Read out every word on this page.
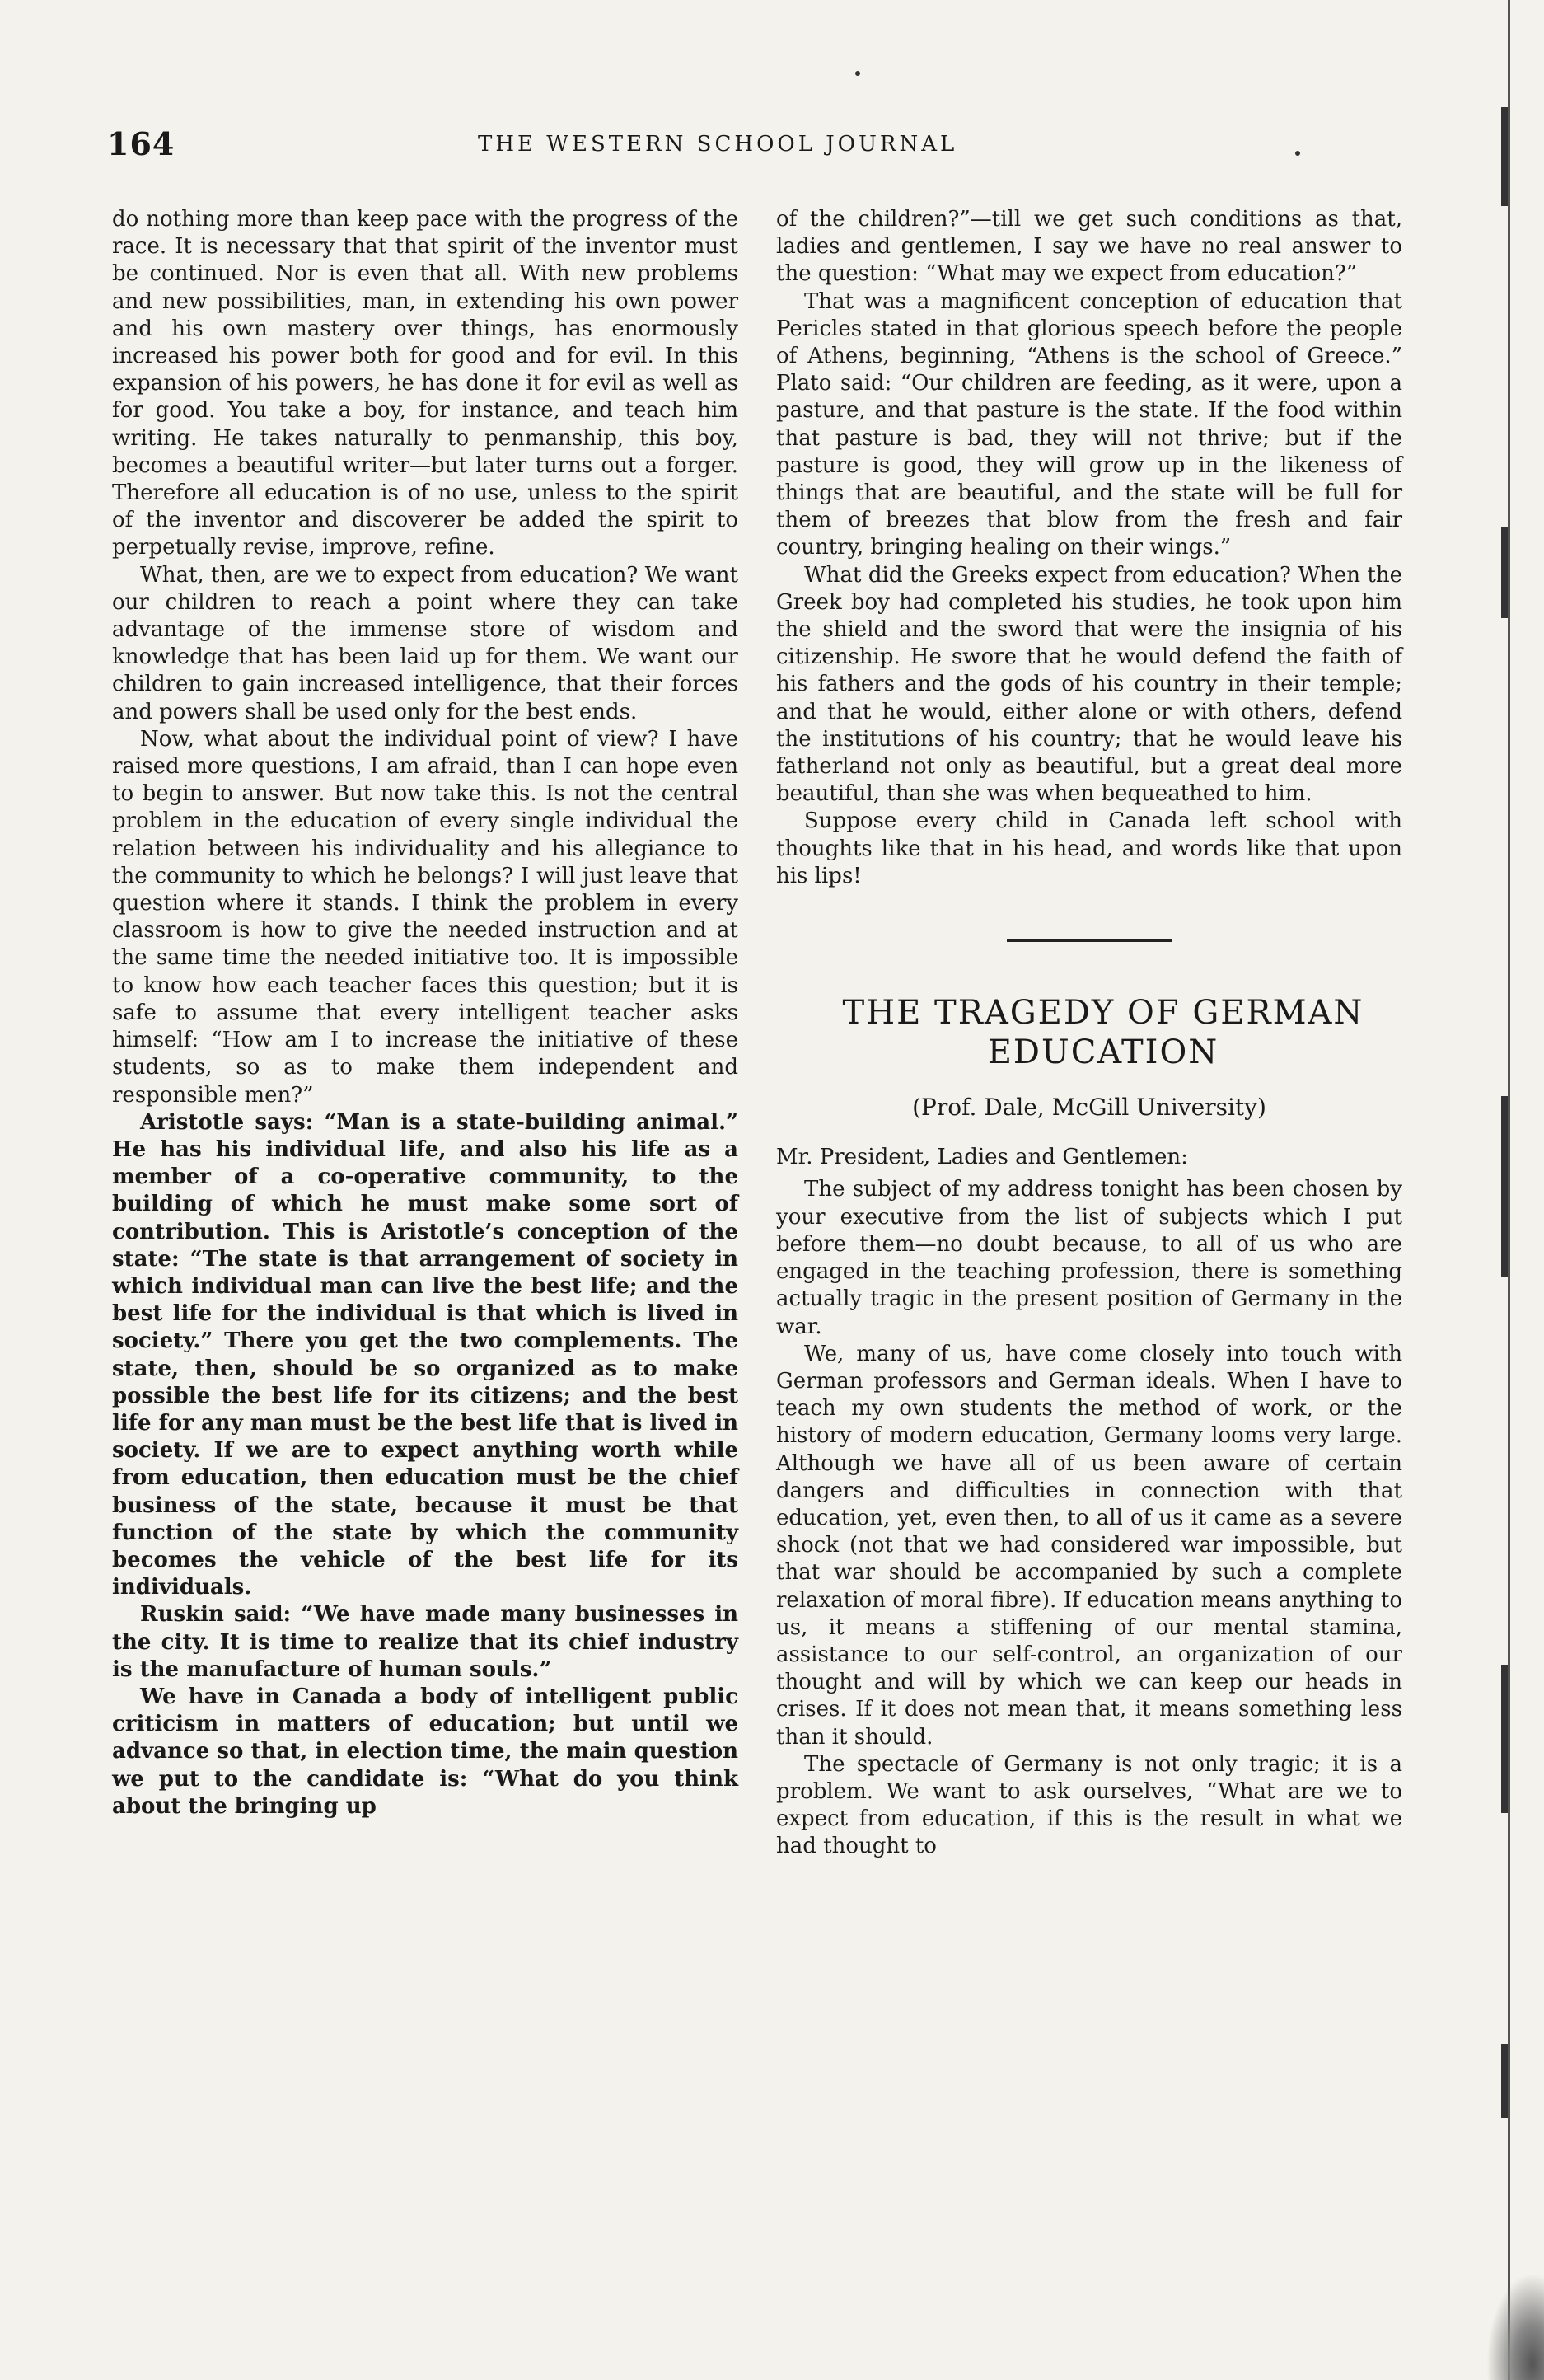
164	THE WESTERN SCHOOL JOURNAL

do nothing more than keep pace with the progress of the race. It is necessary that that spirit of the inventor must be continued. Nor is even that all. With new problems and new possibilities, man, in extending his own power and his own mastery over things, has enormously increased his power both for good and for evil. In this expansion of his powers, he has done it for evil as well as for good. You take a boy, for instance, and teach him writing. He takes naturally to penmanship, this boy, becomes a beautiful writer—but later turns out a forger. Therefore all education is of no use, unless to the spirit of the inventor and discoverer be added the spirit to perpetually revise, improve, refine.

What, then, are we to expect from education? We want our children to reach a point where they can take advantage of the immense store of wisdom and knowledge that has been laid up for them. We want our children to gain increased intelligence, that their forces and powers shall be used only for the best ends.

Now, what about the individual point of view? I have raised more questions, I am afraid, than I can hope even to begin to answer. But now take this. Is not the central problem in the education of every single individual the relation between his individuality and his allegiance to the community to which he belongs? I will just leave that question where it stands. I think the problem in every classroom is how to give the needed instruction and at the same time the needed initiative too. It is impossible to know how each teacher faces this question; but it is safe to assume that every intelligent teacher asks himself: “How am I to increase the initiative of these students, so as to make them independent and responsible men?”

Aristotle says: “Man is a state-building animal.” He has his individual life, and also his life as a member of a co-operative community, to the building of which he must make some sort of contribution. This is Aristotle’s conception of the state: “The state is that arrangement of society in which individual man can live the best life; and the best life for the individual is that which is lived in society.” There you get the two complements. The state, then, should be so organized as to make possible the best life for its citizens; and the best life for any man must be the best life that is lived in society. If we are to expect anything worth while from education, then education must be the chief business of the state, because it must be that function of the state by which the community becomes the vehicle of the best life for its individuals.

Ruskin said: “We have made many businesses in the city. It is time to realize that its chief industry is the manufacture of human souls.”

We have in Canada a body of intelligent public criticism in matters of education; but until we advance so that, in election time, the main question we put to the candidate is: “What do you think about the bringing up

of the children?”—till we get such conditions as that, ladies and gentlemen, I say we have no real answer to the question: “What may we expect from education?”

That was a magnificent conception of education that Pericles stated in that glorious speech before the people of Athens, beginning, “Athens is the school of Greece.” Plato said: “Our children are feeding, as it were, upon a pasture, and that pasture is the state. If the food within that pasture is bad, they will not thrive; but if the pasture is good, they will grow up in the likeness of things that are beautiful, and the state will be full for them of breezes that blow from the fresh and fair country, bringing healing on their wings.”

What did the Greeks expect from education? When the Greek boy had completed his studies, he took upon him the shield and the sword that were the insignia of his citizenship. He swore that he would defend the faith of his fathers and the gods of his country in their temple; and that he would, either alone or with others, defend the institutions of his country; that he would leave his fatherland not only as beautiful, but a great deal more beautiful, than she was when bequeathed to him.

Suppose every child in Canada left school with thoughts like that in his head, and words like that upon his lips!

THE TRAGEDY OF GERMAN

EDUCATION

(Prof. Dale, McGill University)

Mr. President, Ladies and Gentlemen:

The subject of my address tonight has been chosen by your executive from the list of subjects which I put before them—no doubt because, to all of us who are engaged in the teaching profession, there is something actually tragic in the present position of Germany in the war.

We, many of us, have come closely into touch with German professors and German ideals. When I have to teach my own students the method of work, or the history of modern education, Germany looms very large. Although we have all of us been aware of certain dangers and difficulties in connection with that education, yet, even then, to all of us it came as a severe shock (not that we had considered war impossible, but that war should be accompanied by such a complete relaxation of moral fibre). If education means anything to us, it means a stiffening of our mental stamina, assistance to our self-control, an organization of our thought and will by which we can keep our heads in crises. If it does not mean that, it means something less than it should.

The spectacle of Germany is not only tragic; it is a problem. We want to ask ourselves, “What are we to expect from education, if this is the result in what we had thought to
